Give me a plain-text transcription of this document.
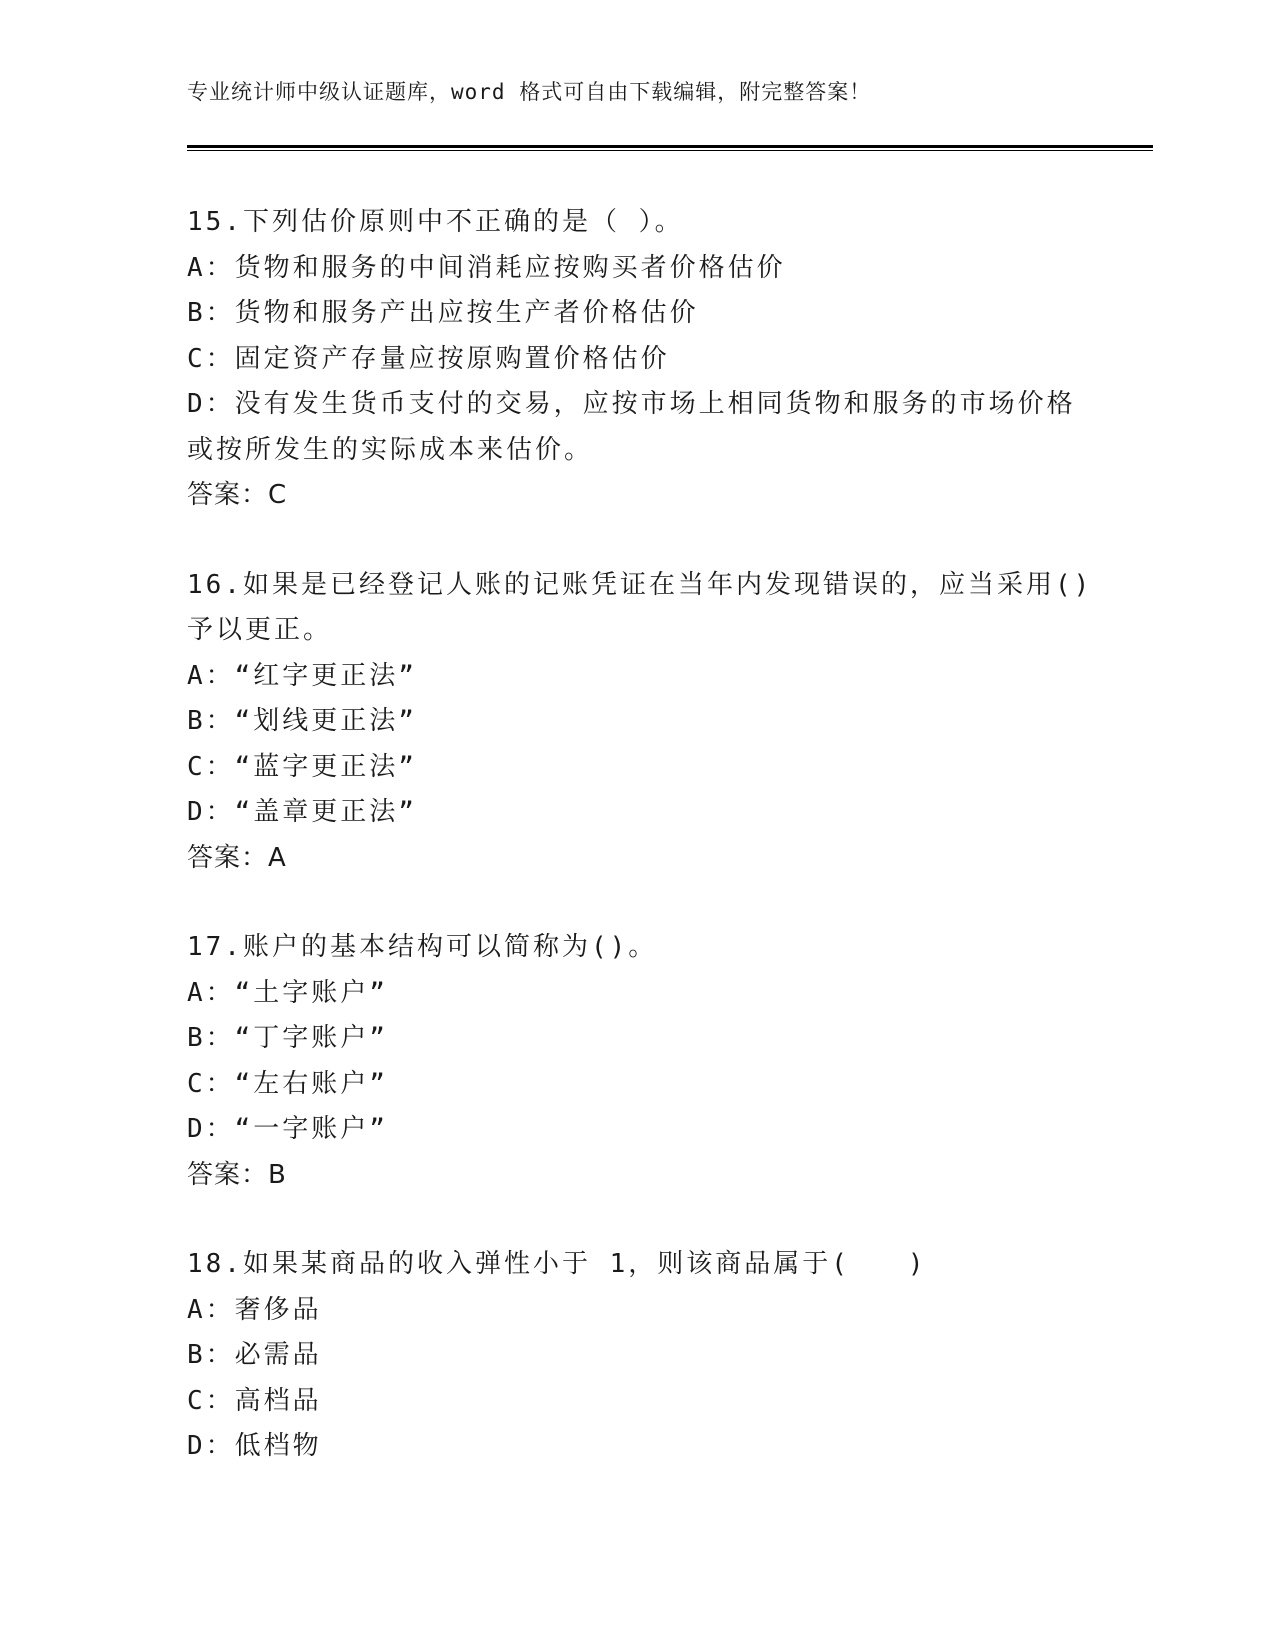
专业统计师中级认证题库，word 格式可自由下载编辑，附完整答案！
15.下列估价原则中不正确的是（ ）。
A：货物和服务的中间消耗应按购买者价格估价
B：货物和服务产出应按生产者价格估价
C：固定资产存量应按原购置价格估价
D：没有发生货币支付的交易，应按市场上相同货物和服务的市场价格
或按所发生的实际成本来估价。
答案：C
16.如果是已经登记人账的记账凭证在当年内发现错误的，应当采用()
予以更正。
A：“红字更正法”
B：“划线更正法”
C：“蓝字更正法”
D：“盖章更正法”
答案：A
17.账户的基本结构可以简称为()。
A：“土字账户”
B：“丁字账户”
C：“左右账户”
D：“一字账户”
答案：B
18.如果某商品的收入弹性小于 1，则该商品属于(　　)
A：奢侈品
B：必需品
C：高档品
D：低档物
